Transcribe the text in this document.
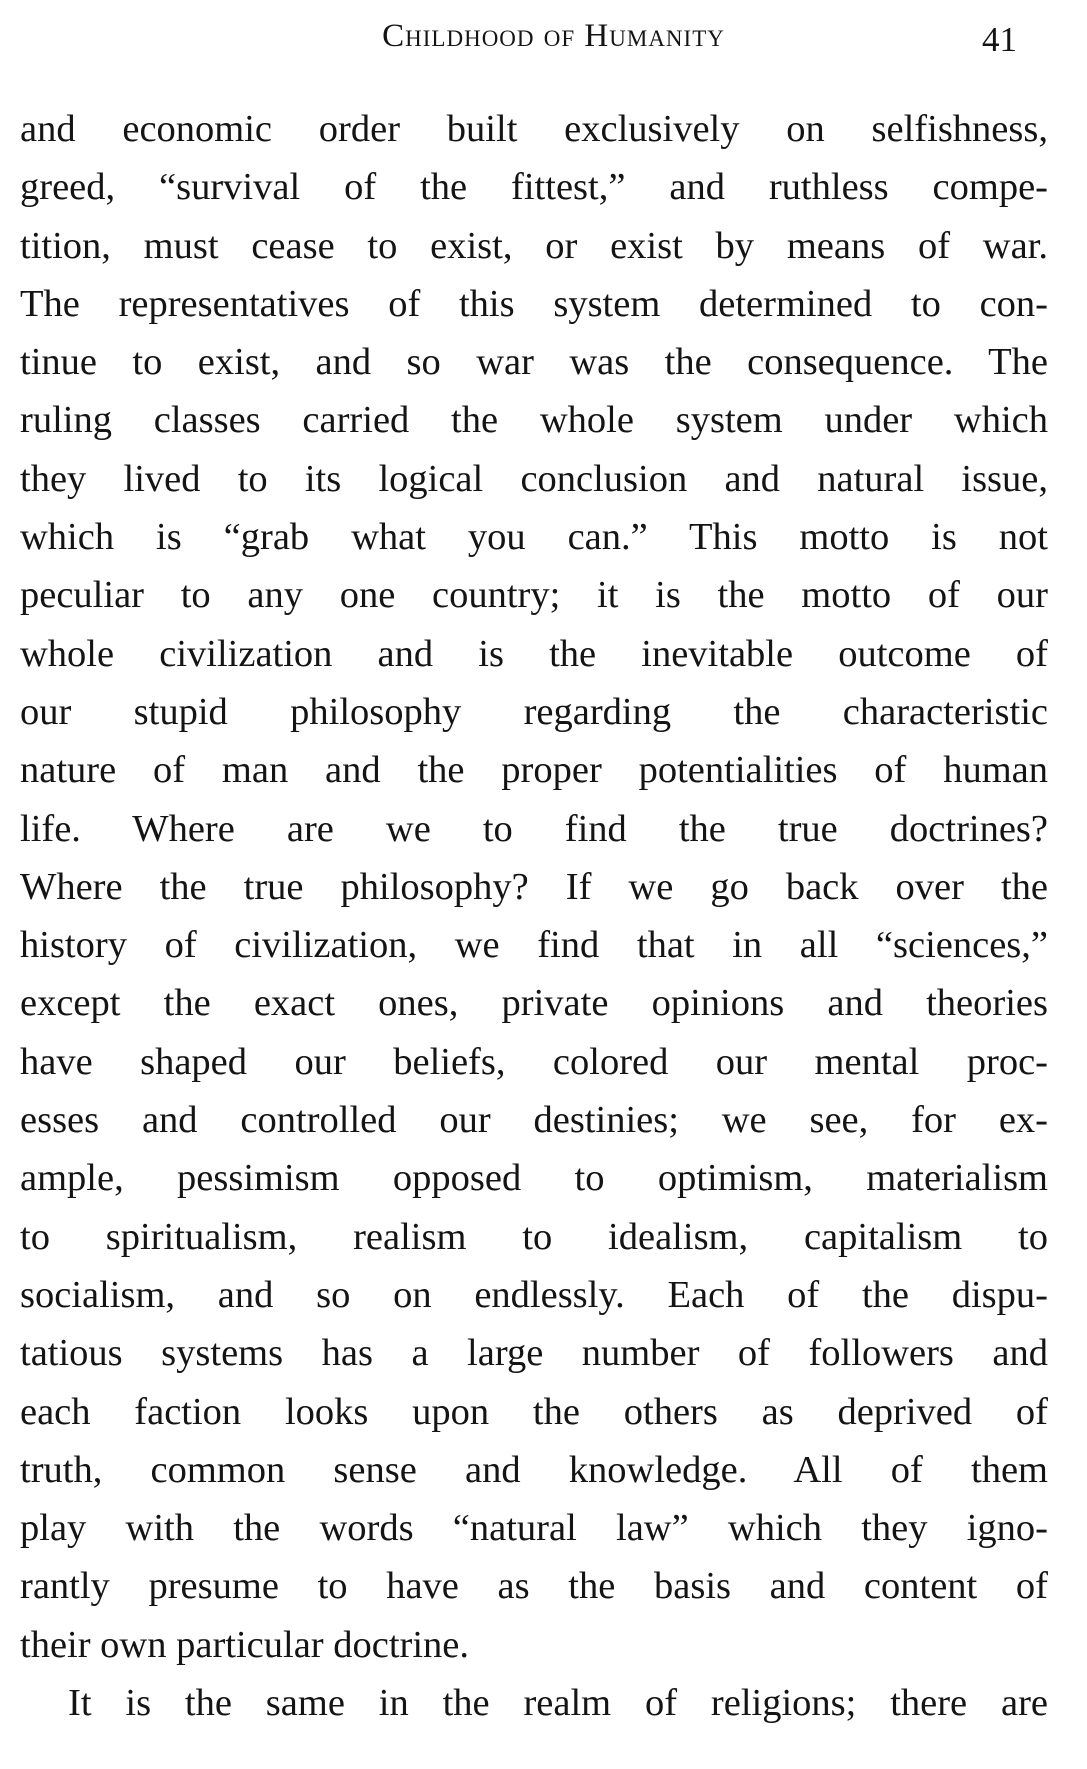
Childhood of Humanity	41
and economic order built exclusively on selfishness,
greed, “survival of the fittest,” and ruthless compe-
tition, must cease to exist, or exist by means of war.
The representatives of this system determined to con-
tinue to exist, and so war was the consequence. The
ruling classes carried the whole system under which
they lived to its logical conclusion and natural issue,
which is “grab what you can.” This motto is not
peculiar to any one country; it is the motto of our
whole civilization and is the inevitable outcome of
our stupid philosophy regarding the characteristic
nature of man and the proper potentialities of human
life. Where are we to find the true doctrines?
Where the true philosophy? If we go back over the
history of civilization, we find that in all “sciences,”
except the exact ones, private opinions and theories
have shaped our beliefs, colored our mental proc-
esses and controlled our destinies; we see, for ex-
ample, pessimism opposed to optimism, materialism
to spiritualism, realism to idealism, capitalism to
socialism, and so on endlessly. Each of the dispu-
tatious systems has a large number of followers and
each faction looks upon the others as deprived of
truth, common sense and knowledge. All of them
play with the words “natural law” which they igno-
rantly presume to have as the basis and content of
their own particular doctrine.
It is the same in the realm of religions; there are
